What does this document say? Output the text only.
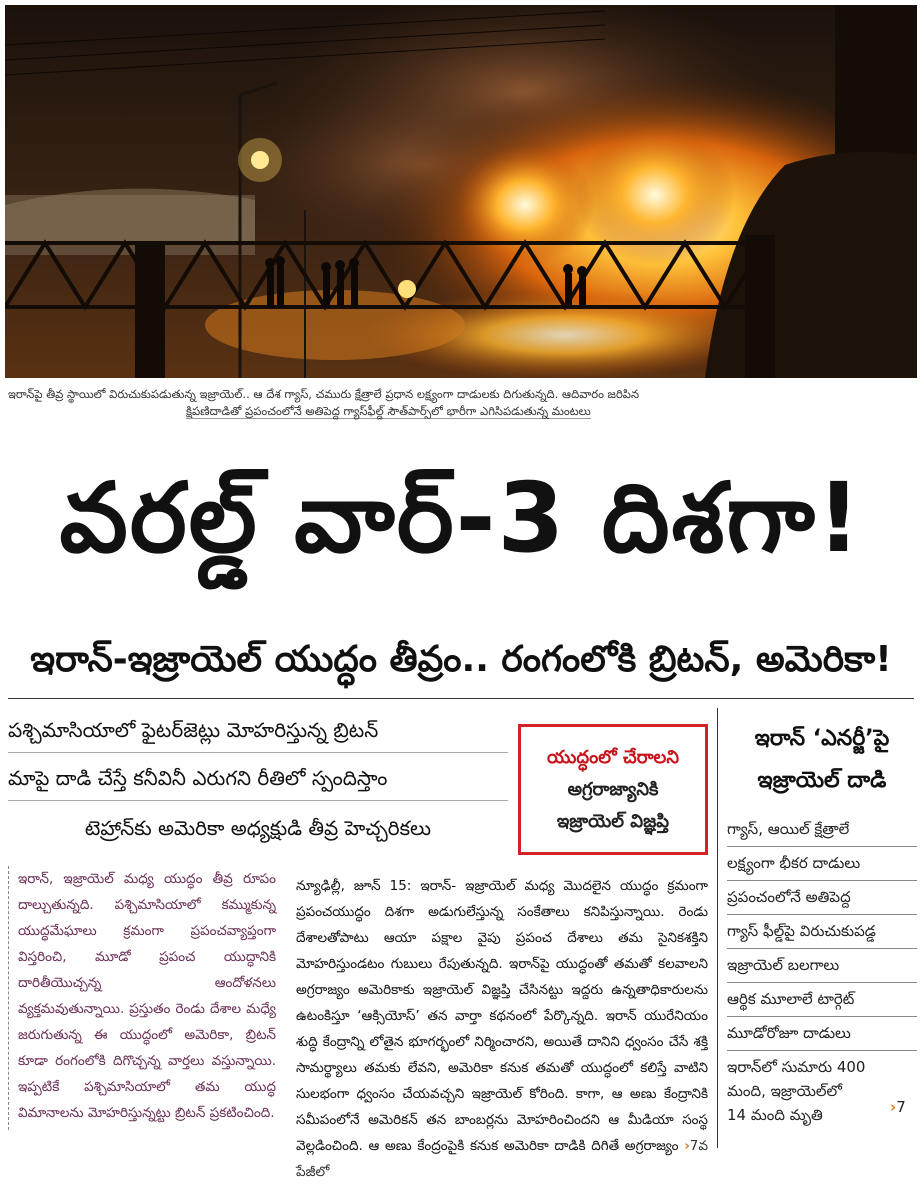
ఇరాన్‌పై తీవ్ర స్థాయిలో విరుచుకుపడుతున్న ఇజ్రాయెల్.. ఆ దేశ గ్యాస్, చమురు క్షేత్రాలే ప్రధాన లక్ష్యంగా దాడులకు దిగుతున్నది. ఆదివారం జరిపిన
క్షిపణిదాడితో ప్రపంచంలోనే అతిపెద్ద గ్యాస్‌ఫీల్డ్ సౌత్‌పార్స్‌లో భారీగా ఎగిసిపడుతున్న మంటలు
వరల్డ్ వార్-3 దిశగా!
ఇరాన్-ఇజ్రాయెల్ యుద్ధం తీవ్రం.. రంగంలోకి బ్రిటన్, అమెరికా!
పశ్చిమాసియాలో ఫైటర్‌జెట్లు మోహరిస్తున్న బ్రిటన్
మాపై దాడి చేస్తే కనీవినీ ఎరుగని రీతిలో స్పందిస్తాం
టెహ్రాన్‌కు అమెరికా అధ్యక్షుడి తీవ్ర హెచ్చరికలు
యుద్ధంలో చేరాలని
అగ్రరాజ్యానికి
ఇజ్రాయెల్ విజ్ఞప్తి
ఇరాన్ ‘ఎనర్జీ’పై
ఇజ్రాయెల్ దాడి
గ్యాస్, ఆయిల్ క్షేత్రాలే
లక్ష్యంగా భీకర దాడులు
ప్రపంచంలోనే అతిపెద్ద
గ్యాస్ ఫీల్డ్‌పై విరుచుకుపడ్డ
ఇజ్రాయెల్ బలగాలు
ఆర్థిక మూలాలే టార్గెట్
మూడోరోజూ దాడులు
ఇరాన్‌లో సుమారు 400
మంది, ఇజ్రాయెల్‌లో
14 మంది మృతి	›7
ఇరాన్, ఇజ్రాయెల్ మధ్య యుద్ధం తీవ్ర రూపం దాల్చుతున్నది. పశ్చిమాసియాలో కమ్ముకున్న యుద్ధమేఘాలు క్రమంగా ప్రపంచవ్యాప్తంగా విస్తరించి, మూడో ప్రపంచ యుద్ధానికి దారితీయొచ్చన్న ఆందోళనలు వ్యక్తమవుతున్నాయి. ప్రస్తుతం రెండు దేశాల మధ్యే జరుగుతున్న ఈ యుద్ధంలో అమెరికా, బ్రిటన్ కూడా రంగంలోకి దిగొచ్చన్న వార్తలు వస్తున్నాయి. ఇప్పటికే పశ్చిమాసియాలో తమ యుద్ధ విమానాలను మోహరిస్తున్నట్టు బ్రిటన్ ప్రకటించింది.
న్యూఢిల్లీ, జూన్ 15: ఇరాన్- ఇజ్రాయెల్ మధ్య మొదలైన యుద్ధం క్రమంగా ప్రపంచయుద్ధం దిశగా అడుగులేస్తున్న సంకేతాలు కనిపిస్తున్నాయి. రెండు దేశాలతోపాటు ఆయా పక్షాల వైపు ప్రపంచ దేశాలు తమ సైనికశక్తిని మోహరిస్తుండటం గుబులు రేపుతున్నది. ఇరాన్‌పై యుద్ధంతో తమతో కలవాలని అగ్రరాజ్యం అమెరికాకు ఇజ్రాయెల్ విజ్ఞప్తి చేసినట్టు ఇద్దరు ఉన్నతాధికారులను ఉటంకిస్తూ ‘ఆక్సియోస్’ తన వార్తా కథనంలో పేర్కొన్నది. ఇరాన్ యురేనియం శుద్ధి కేంద్రాన్ని లోతైన భూగర్భంలో నిర్మించారని, అయితే దానిని ధ్వంసం చేసే శక్తి సామర్థ్యాలు తమకు లేవని, అమెరికా కనుక తమతో యుద్ధంలో కలిస్తే వాటిని సులభంగా ధ్వంసం చేయవచ్చని ఇజ్రాయెల్ కోరింది. కాగా, ఆ అణు కేంద్రానికి సమీపంలోనే అమెరికన్ తన బాంబర్లను మోహరించిందని ఆ మీడియా సంస్థ వెల్లడించింది. ఆ అణు కేంద్రంపైకి కనుక అమెరికా దాడికి దిగితే అగ్రరాజ్యం ›7వ పేజీలో
